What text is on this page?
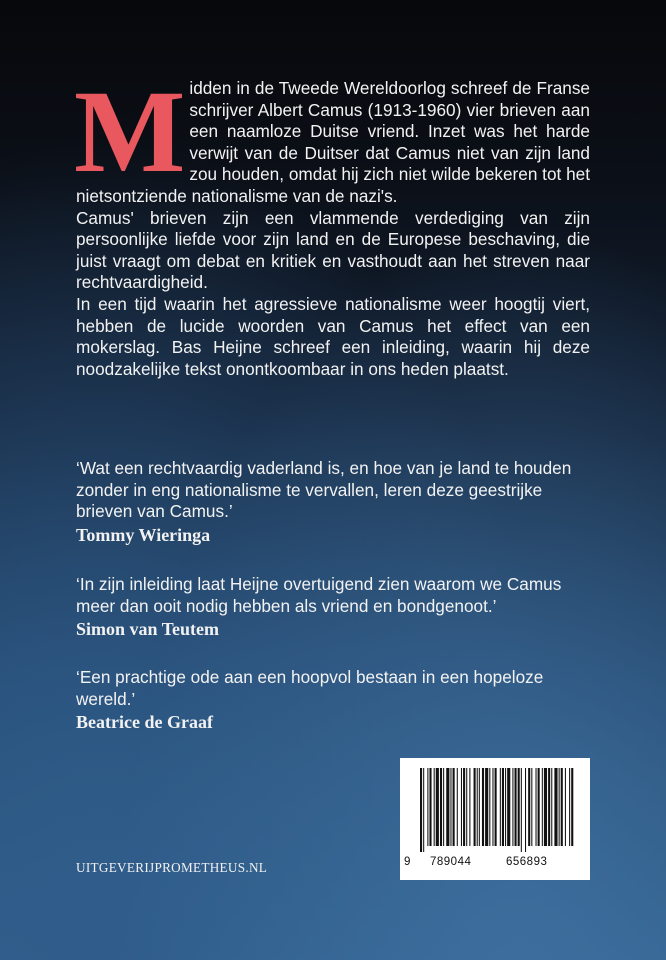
M idden in de Tweede Wereldoorlog schreef de Franse schrijver Albert Camus (1913-1960) vier brieven aan een naamloze Duitse vriend. Inzet was het harde verwijt van de Duitser dat Camus niet van zijn land zou houden, omdat hij zich niet wilde bekeren tot het nietsontziende nationalisme van de nazi's.

Camus' brieven zijn een vlammende verdediging van zijn persoonlijke liefde voor zijn land en de Europese beschaving, die juist vraagt om debat en kritiek en vasthoudt aan het streven naar rechtvaardigheid.

In een tijd waarin het agressieve nationalisme weer hoogtij viert, hebben de lucide woorden van Camus het effect van een mokerslag. Bas Heijne schreef een inleiding, waarin hij deze noodzakelijke tekst onontkoombaar in ons heden plaatst.

‘Wat een rechtvaardig vaderland is, en hoe van je land te houden zonder in eng nationalisme te vervallen, leren deze geestrijke brieven van Camus.’

Tommy Wieringa

‘In zijn inleiding laat Heijne overtuigend zien waarom we Camus meer dan ooit nodig hebben als vriend en bondgenoot.’

Simon van Teutem

‘Een prachtige ode aan een hoopvol bestaan in een hopeloze wereld.’

Beatrice de Graaf

UITGEVERIJPROMETHEUS.NL	9 789044	656893
